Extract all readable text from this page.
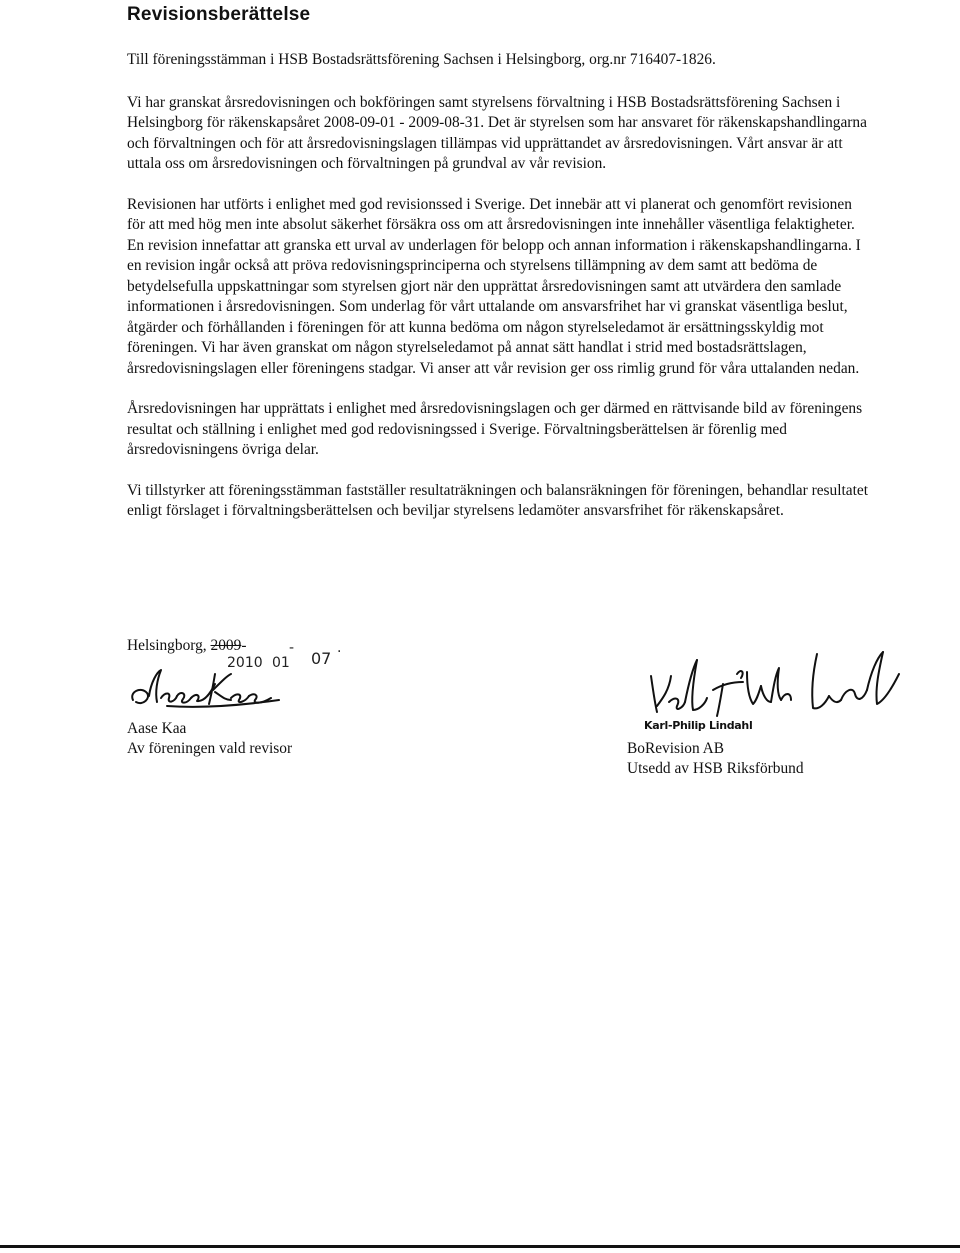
Revisionsberättelse

Till föreningsstämman i HSB Bostadsrättsförening Sachsen i Helsingborg, org.nr 716407-1826.

Vi har granskat årsredovisningen och bokföringen samt styrelsens förvaltning i HSB Bostadsrättsförening Sachsen i Helsingborg för räkenskapsåret 2008-09-01 - 2009-08-31. Det är styrelsen som har ansvaret för räkenskapshandlingarna och förvaltningen och för att årsredovisningslagen tillämpas vid upprättandet av årsredovisningen. Vårt ansvar är att uttala oss om årsredovisningen och förvaltningen på grundval av vår revision.

Revisionen har utförts i enlighet med god revisionssed i Sverige. Det innebär att vi planerat och genomfört revisionen för att med hög men inte absolut säkerhet försäkra oss om att årsredovisningen inte innehåller väsentliga felaktigheter. En revision innefattar att granska ett urval av underlagen för belopp och annan information i räkenskapshandlingarna. I en revision ingår också att pröva redovisningsprinciperna och styrelsens tillämpning av dem samt att bedöma de betydelsefulla uppskattningar som styrelsen gjort när den upprättat årsredovisningen samt att utvärdera den samlade informationen i årsredovisningen. Som underlag för vårt uttalande om ansvarsfrihet har vi granskat väsentliga beslut, åtgärder och förhållanden i föreningen för att kunna bedöma om någon styrelseledamot är ersättningsskyldig mot föreningen. Vi har även granskat om någon styrelseledamot på annat sätt handlat i strid med bostadsrättslagen, årsredovisningslagen eller föreningens stadgar. Vi anser att vår revision ger oss rimlig grund för våra uttalanden nedan.

Årsredovisningen har upprättats i enlighet med årsredovisningslagen och ger därmed en rättvisande bild av föreningens resultat och ställning i enlighet med god redovisningssed i Sverige. Förvaltningsberättelsen är förenlig med årsredovisningens övriga delar.

Vi tillstyrker att föreningsstämman fastställer resultaträkningen och balansräkningen för föreningen, behandlar resultatet enligt förslaget i förvaltningsberättelsen och beviljar styrelsens ledamöter ansvarsfrihet för räkenskapsåret.

Helsingborg, 2009-
2010 01
-
07
.
Aase Kaa
Av föreningen vald revisor
Karl-Philip Lindahl
BoRevision AB
Utsedd av HSB Riksförbund
